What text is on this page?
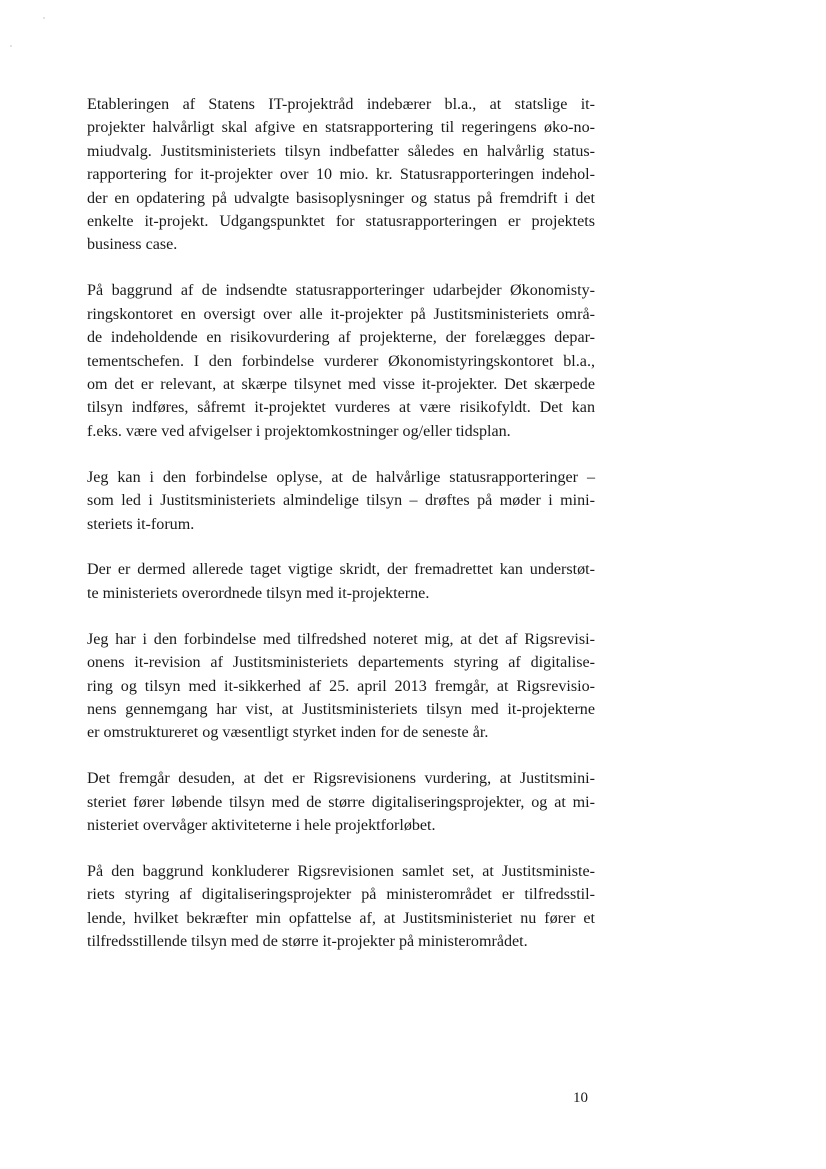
Etableringen af Statens IT-projektråd indebærer bl.a., at statslige it-
projekter halvårligt skal afgive en statsrapportering til regeringens øko-no-
miudvalg. Justitsministeriets tilsyn indbefatter således en halvårlig status-
rapportering for it-projekter over 10 mio. kr. Statusrapporteringen indehol-
der en opdatering på udvalgte basisoplysninger og status på fremdrift i det
enkelte it-projekt. Udgangspunktet for statusrapporteringen er projektets
business case.

På baggrund af de indsendte statusrapporteringer udarbejder Økonomisty-
ringskontoret en oversigt over alle it-projekter på Justitsministeriets områ-
de indeholdende en risikovurdering af projekterne, der forelægges depar-
tementschefen. I den forbindelse vurderer Økonomistyringskontoret bl.a.,
om det er relevant, at skærpe tilsynet med visse it-projekter. Det skærpede
tilsyn indføres, såfremt it-projektet vurderes at være risikofyldt. Det kan
f.eks. være ved afvigelser i projektomkostninger og/eller tidsplan.

Jeg kan i den forbindelse oplyse, at de halvårlige statusrapporteringer –
som led i Justitsministeriets almindelige tilsyn – drøftes på møder i mini-
steriets it-forum.

Der er dermed allerede taget vigtige skridt, der fremadrettet kan understøt-
te ministeriets overordnede tilsyn med it-projekterne.

Jeg har i den forbindelse med tilfredshed noteret mig, at det af Rigsrevisi-
onens it-revision af Justitsministeriets departements styring af digitalise-
ring og tilsyn med it-sikkerhed af 25. april 2013 fremgår, at Rigsrevisio-
nens gennemgang har vist, at Justitsministeriets tilsyn med it-projekterne
er omstruktureret og væsentligt styrket inden for de seneste år.

Det fremgår desuden, at det er Rigsrevisionens vurdering, at Justitsmini-
steriet fører løbende tilsyn med de større digitaliseringsprojekter, og at mi-
nisteriet overvåger aktiviteterne i hele projektforløbet.

På den baggrund konkluderer Rigsrevisionen samlet set, at Justitsministe-
riets styring af digitaliseringsprojekter på ministerområdet er tilfredsstil-
lende, hvilket bekræfter min opfattelse af, at Justitsministeriet nu fører et
tilfredsstillende tilsyn med de større it-projekter på ministerområdet.

10
